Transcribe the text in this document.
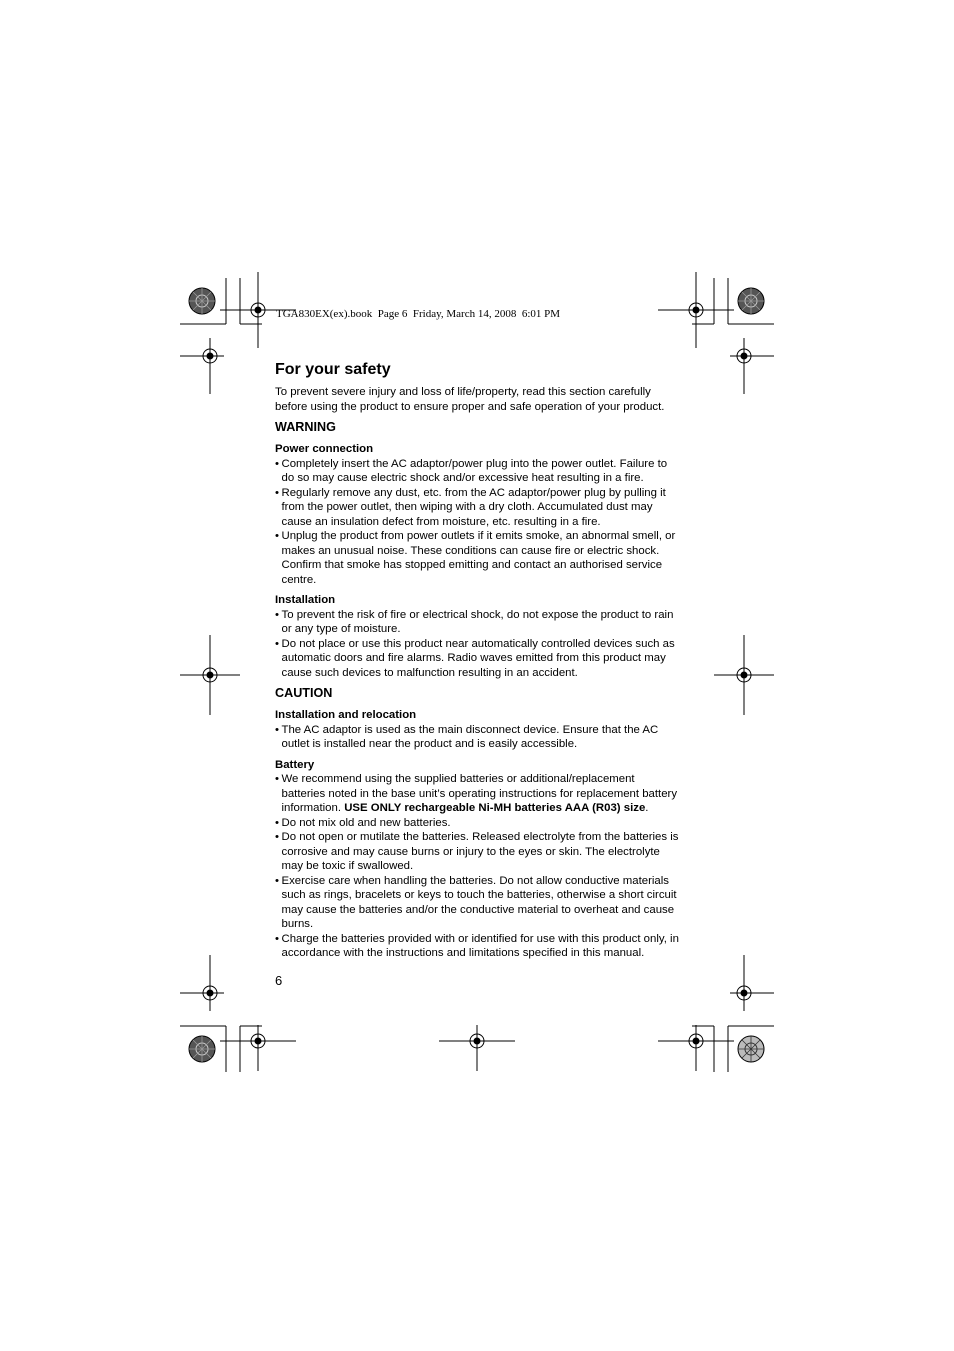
TGA830EX(ex).book  Page 6  Friday, March 14, 2008  6:01 PM
For your safety

To prevent severe injury and loss of life/property, read this section carefully before using the product to ensure proper and safe operation of your product.

WARNING
Power connection
• Completely insert the AC adaptor/power plug into the power outlet. Failure to do so may cause electric shock and/or excessive heat resulting in a fire.
• Regularly remove any dust, etc. from the AC adaptor/power plug by pulling it from the power outlet, then wiping with a dry cloth. Accumulated dust may cause an insulation defect from moisture, etc. resulting in a fire.
• Unplug the product from power outlets if it emits smoke, an abnormal smell, or makes an unusual noise. These conditions can cause fire or electric shock. Confirm that smoke has stopped emitting and contact an authorised service centre.
Installation
• To prevent the risk of fire or electrical shock, do not expose the product to rain or any type of moisture.
• Do not place or use this product near automatically controlled devices such as automatic doors and fire alarms. Radio waves emitted from this product may cause such devices to malfunction resulting in an accident.
CAUTION
Installation and relocation
• The AC adaptor is used as the main disconnect device. Ensure that the AC outlet is installed near the product and is easily accessible.
Battery
• We recommend using the supplied batteries or additional/replacement batteries noted in the base unit’s operating instructions for replacement battery information. USE ONLY rechargeable Ni-MH batteries AAA (R03) size.
• Do not mix old and new batteries.
• Do not open or mutilate the batteries. Released electrolyte from the batteries is corrosive and may cause burns or injury to the eyes or skin. The electrolyte may be toxic if swallowed.
• Exercise care when handling the batteries. Do not allow conductive materials such as rings, bracelets or keys to touch the batteries, otherwise a short circuit may cause the batteries and/or the conductive material to overheat and cause burns.
• Charge the batteries provided with or identified for use with this product only, in accordance with the instructions and limitations specified in this manual.
6
